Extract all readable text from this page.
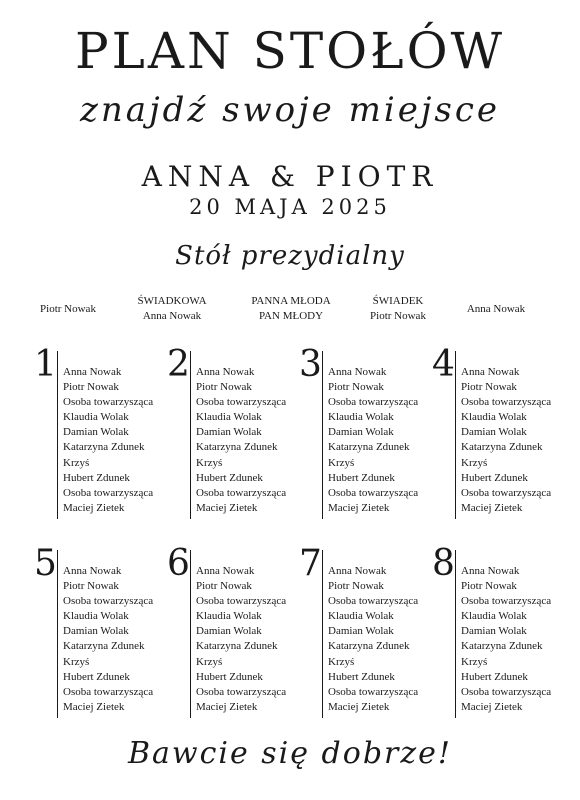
PLAN STOŁÓW
znajdź swoje miejsce
ANNA & PIOTR
20 MAJA 2025
Stół prezydialny
Piotr Nowak
ŚWIADKOWA
Anna Nowak
PANNA MŁODA
PAN MŁODY
ŚWIADEK
Piotr Nowak
Anna Nowak
1 Anna Nowak
Piotr Nowak
Osoba towarzysząca
Klaudia Wolak
Damian Wolak
Katarzyna Zdunek
Krzyś
Hubert Zdunek
Osoba towarzysząca
Maciej Zietek
2 Anna Nowak
Piotr Nowak
Osoba towarzysząca
Klaudia Wolak
Damian Wolak
Katarzyna Zdunek
Krzyś
Hubert Zdunek
Osoba towarzysząca
Maciej Zietek
3 Anna Nowak
Piotr Nowak
Osoba towarzysząca
Klaudia Wolak
Damian Wolak
Katarzyna Zdunek
Krzyś
Hubert Zdunek
Osoba towarzysząca
Maciej Zietek
4 Anna Nowak
Piotr Nowak
Osoba towarzysząca
Klaudia Wolak
Damian Wolak
Katarzyna Zdunek
Krzyś
Hubert Zdunek
Osoba towarzysząca
Maciej Zietek
5 Anna Nowak
Piotr Nowak
Osoba towarzysząca
Klaudia Wolak
Damian Wolak
Katarzyna Zdunek
Krzyś
Hubert Zdunek
Osoba towarzysząca
Maciej Zietek
6 Anna Nowak
Piotr Nowak
Osoba towarzysząca
Klaudia Wolak
Damian Wolak
Katarzyna Zdunek
Krzyś
Hubert Zdunek
Osoba towarzysząca
Maciej Zietek
7 Anna Nowak
Piotr Nowak
Osoba towarzysząca
Klaudia Wolak
Damian Wolak
Katarzyna Zdunek
Krzyś
Hubert Zdunek
Osoba towarzysząca
Maciej Zietek
8 Anna Nowak
Piotr Nowak
Osoba towarzysząca
Klaudia Wolak
Damian Wolak
Katarzyna Zdunek
Krzyś
Hubert Zdunek
Osoba towarzysząca
Maciej Zietek
Bawcie się dobrze!
